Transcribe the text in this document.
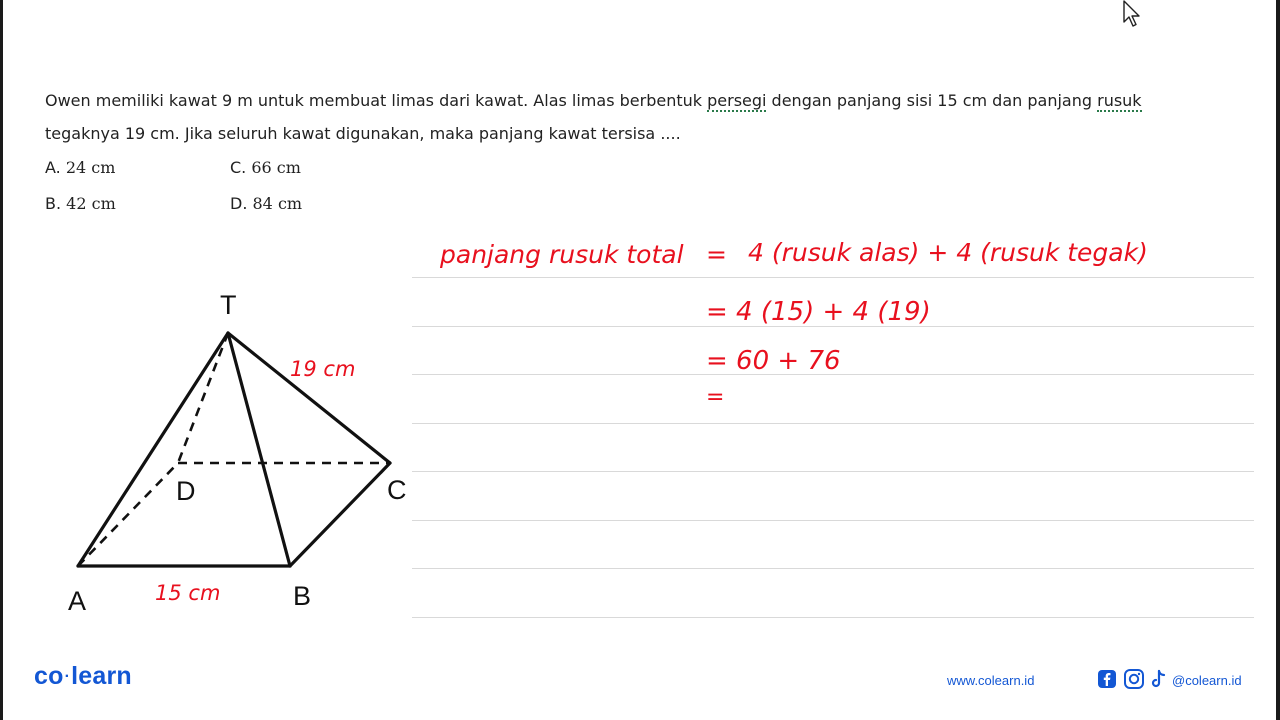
Owen memiliki kawat 9 m untuk membuat limas dari kawat. Alas limas berbentuk persegi dengan panjang sisi 15 cm dan panjang rusuk
tegaknya 19 cm. Jika seluruh kawat digunakan, maka panjang kawat tersisa ....
A. 24 cm	C. 66 cm
B. 42 cm	D. 84 cm
T
D	C
A	B
19 cm
15 cm
panjang rusuk total = 4 (rusuk alas) + 4 (rusuk tegak)
= 4 (15) + 4 (19)
= 60 + 76
=
co·learn	www.colearn.id	@colearn.id
